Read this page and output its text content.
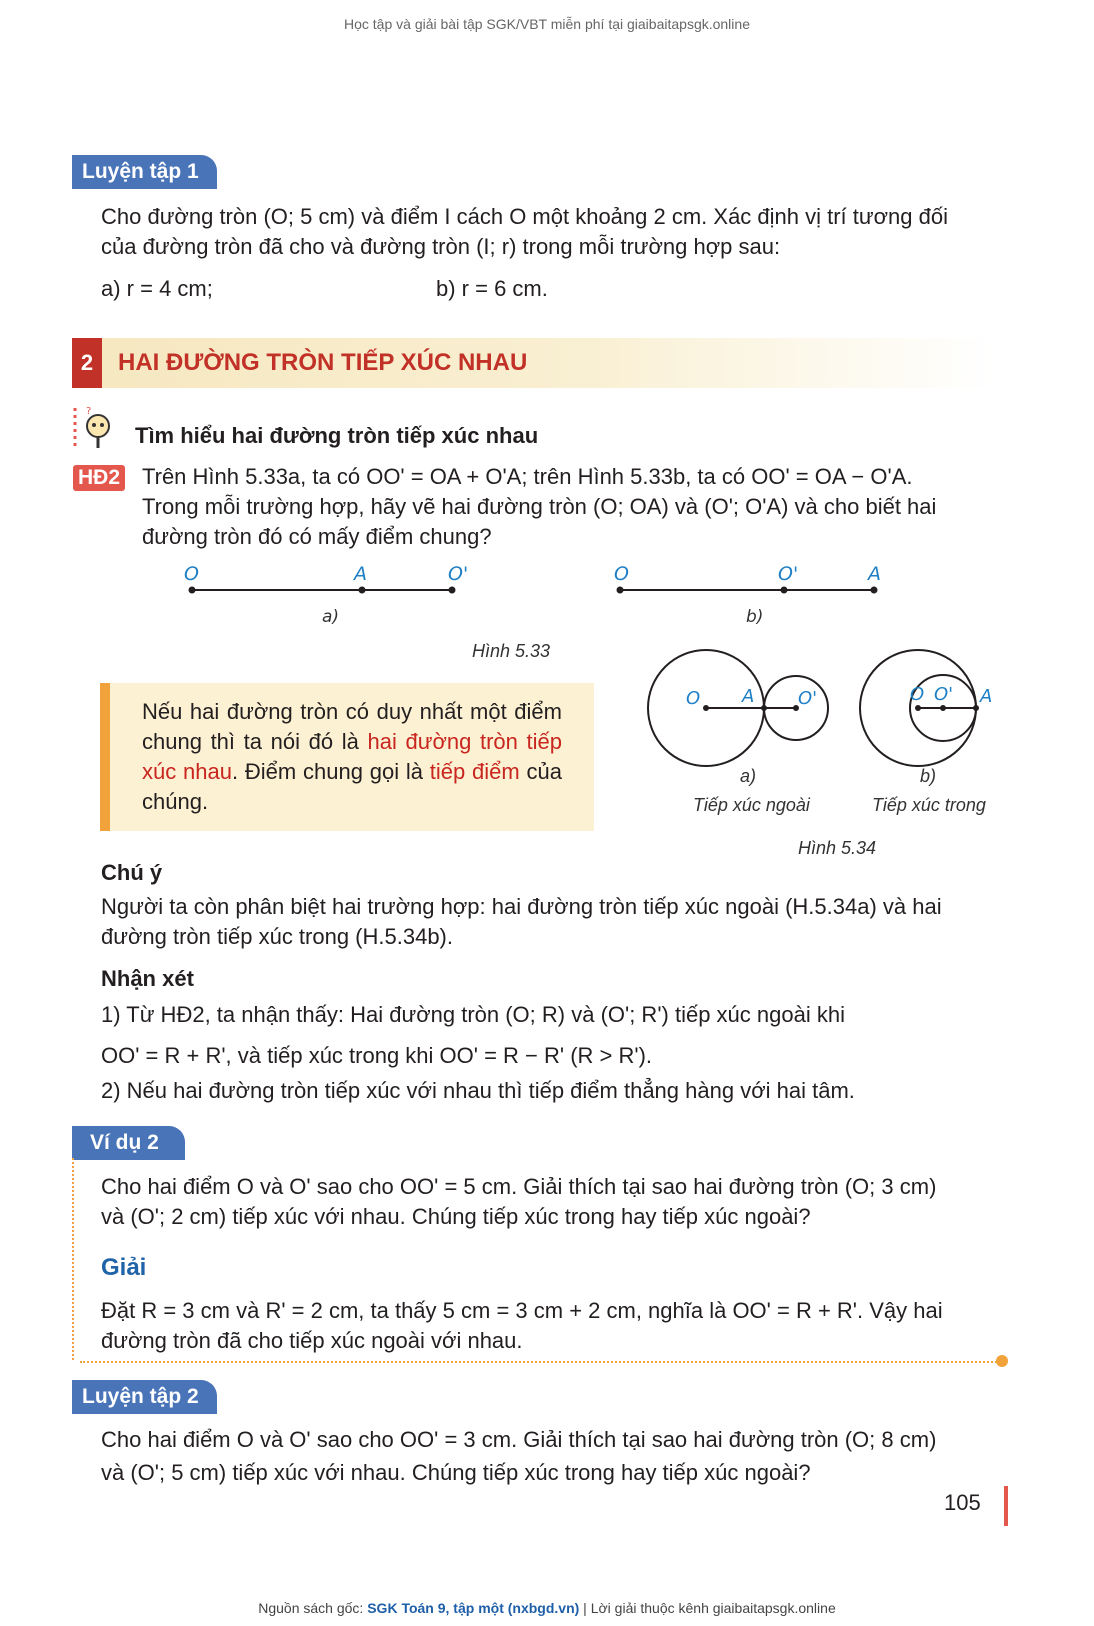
Học tập và giải bài tập SGK/VBT miễn phí tại giaibaitapsgk.online
Luyện tập 1
Cho đường tròn (O; 5 cm) và điểm I cách O một khoảng 2 cm. Xác định vị trí tương đối
của đường tròn đã cho và đường tròn (I; r) trong mỗi trường hợp sau:
a) r = 4 cm;	b) r = 6 cm.
2	HAI ĐƯỜNG TRÒN TIẾP XÚC NHAU
?
Tìm hiểu hai đường tròn tiếp xúc nhau
HĐ2 Trên Hình 5.33a, ta có OO' = OA + O'A; trên Hình 5.33b, ta có OO' = OA − O'A.
Trong mỗi trường hợp, hãy vẽ hai đường tròn (O; OA) và (O'; O'A) và cho biết hai
đường tròn đó có mấy điểm chung?
O	A	O'
a)
O	O'	A
b)
Hình 5.33
Nếu hai đường tròn có duy nhất một điểm chung thì ta nói đó là hai đường tròn tiếp xúc nhau. Điểm chung gọi là tiếp điểm của chúng.
O A O'	O O' A
a)
Tiếp xúc ngoài
b)
Tiếp xúc trong
Hình 5.34
Chú ý
Người ta còn phân biệt hai trường hợp: hai đường tròn tiếp xúc ngoài (H.5.34a) và hai
đường tròn tiếp xúc trong (H.5.34b).
Nhận xét
1) Từ HĐ2, ta nhận thấy: Hai đường tròn (O; R) và (O'; R') tiếp xúc ngoài khi
OO' = R + R', và tiếp xúc trong khi OO' = R − R' (R > R').
2) Nếu hai đường tròn tiếp xúc với nhau thì tiếp điểm thẳng hàng với hai tâm.
Ví dụ 2
Cho hai điểm O và O' sao cho OO' = 5 cm. Giải thích tại sao hai đường tròn (O; 3 cm)
và (O'; 2 cm) tiếp xúc với nhau. Chúng tiếp xúc trong hay tiếp xúc ngoài?
Giải
Đặt R = 3 cm và R' = 2 cm, ta thấy 5 cm = 3 cm + 2 cm, nghĩa là OO' = R + R'. Vậy hai
đường tròn đã cho tiếp xúc ngoài với nhau.
Luyện tập 2
Cho hai điểm O và O' sao cho OO' = 3 cm. Giải thích tại sao hai đường tròn (O; 8 cm)
và (O'; 5 cm) tiếp xúc với nhau. Chúng tiếp xúc trong hay tiếp xúc ngoài?
105
Nguồn sách gốc: SGK Toán 9, tập một (nxbgd.vn) | Lời giải thuộc kênh giaibaitapsgk.online
